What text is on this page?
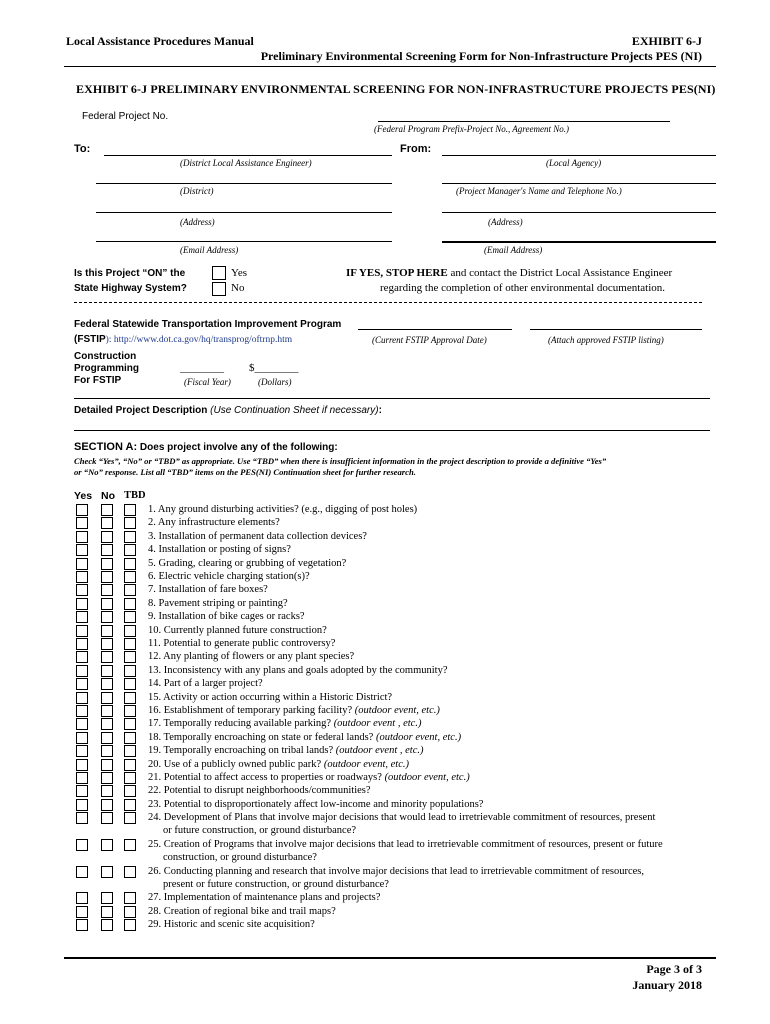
Local Assistance Procedures Manual	EXHIBIT 6-J
Preliminary Environmental Screening Form for Non-Infrastructure Projects PES (NI)
EXHIBIT 6-J PRELIMINARY ENVIRONMENTAL SCREENING FOR NON-INFRASTRUCTURE PROJECTS PES(NI)
Federal Project No.
(Federal Program Prefix-Project No., Agreement No.)
To:	From:
(District Local Assistance Engineer)	(Local Agency)
(District)	(Project Manager's Name and Telephone No.)
(Address)	(Address)
(Email Address)	(Email Address)
Is this Project “ON” the
State Highway System?
Yes
No
IF YES, STOP HERE and contact the District Local Assistance Engineer
regarding the completion of other environmental documentation.
Federal Statewide Transportation Improvement Program
(FSTIP): http://www.dot.ca.gov/hq/transprog/oftrnp.htm	(Current FSTIP Approval Date)	(Attach approved FSTIP listing)
Construction
Programming
For FSTIP
________ $________
(Fiscal Year)	(Dollars)
Detailed Project Description (Use Continuation Sheet if necessary):
SECTION A: Does project involve any of the following:
Check “Yes”, “No” or “TBD” as appropriate. Use “TBD” when there is insufficient information in the project description to provide a definitive “Yes”
or “No” response. List all “TBD” items on the PES(NI) Continuation sheet for further research.
Yes No TBD
1. Any ground disturbing activities? (e.g., digging of post holes)
2. Any infrastructure elements?
3. Installation of permanent data collection devices?
4. Installation or posting of signs?
5. Grading, clearing or grubbing of vegetation?
6. Electric vehicle charging station(s)?
7. Installation of fare boxes?
8. Pavement striping or painting?
9. Installation of bike cages or racks?
10. Currently planned future construction?
11. Potential to generate public controversy?
12. Any planting of flowers or any plant species?
13. Inconsistency with any plans and goals adopted by the community?
14. Part of a larger project?
15. Activity or action occurring within a Historic District?
16. Establishment of temporary parking facility? (outdoor event, etc.)
17. Temporally reducing available parking? (outdoor event , etc.)
18. Temporally encroaching on state or federal lands? (outdoor event, etc.)
19. Temporally encroaching on tribal lands? (outdoor event , etc.)
20. Use of a publicly owned public park? (outdoor event, etc.)
21. Potential to affect access to properties or roadways? (outdoor event, etc.)
22. Potential to disrupt neighborhoods/communities?
23. Potential to disproportionately affect low-income and minority populations?
24. Development of Plans that involve major decisions that would lead to irretrievable commitment of resources, present
or future construction, or ground disturbance?
25. Creation of Programs that involve major decisions that lead to irretrievable commitment of resources, present or future
construction, or ground disturbance?
26. Conducting planning and research that involve major decisions that lead to irretrievable commitment of resources,
present or future construction, or ground disturbance?
27. Implementation of maintenance plans and projects?
28. Creation of regional bike and trail maps?
29. Historic and scenic site acquisition?
Page 3 of 3
January 2018
